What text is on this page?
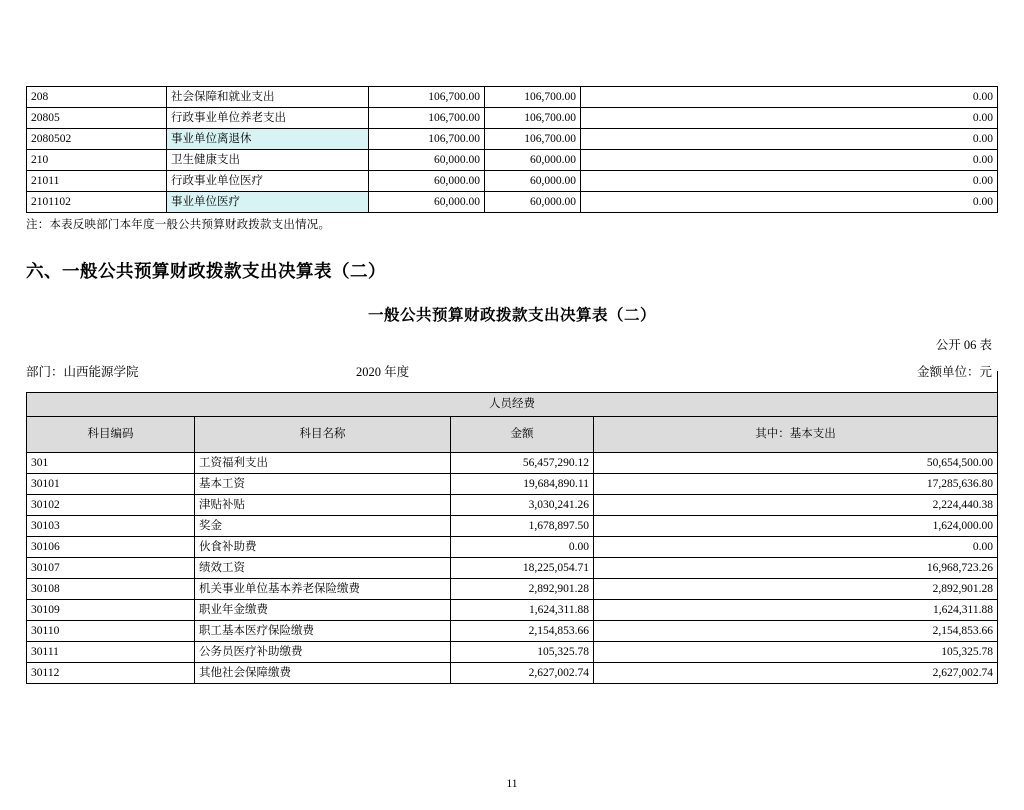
208	社会保障和就业支出	106,700.00	106,700.00	0.00
20805	行政事业单位养老支出	106,700.00	106,700.00	0.00
2080502	事业单位离退休	106,700.00	106,700.00	0.00
210	卫生健康支出	60,000.00	60,000.00	0.00
21011	行政事业单位医疗	60,000.00	60,000.00	0.00
2101102	事业单位医疗	60,000.00	60,000.00	0.00
注：本表反映部门本年度一般公共预算财政拨款支出情况。
六、一般公共预算财政拨款支出决算表（二）
一般公共预算财政拨款支出决算表（二）
公开 06 表
部门：山西能源学院	2020 年度	金额单位：元
人员经费			
科目编码	科目名称	金额	其中：基本支出
301	工资福利支出	56,457,290.12	50,654,500.00
30101	基本工资	19,684,890.11	17,285,636.80
30102	津贴补贴	3,030,241.26	2,224,440.38
30103	奖金	1,678,897.50	1,624,000.00
30106	伙食补助费	0.00	0.00
30107	绩效工资	18,225,054.71	16,968,723.26
30108	机关事业单位基本养老保险缴费	2,892,901.28	2,892,901.28
30109	职业年金缴费	1,624,311.88	1,624,311.88
30110	职工基本医疗保险缴费	2,154,853.66	2,154,853.66
30111	公务员医疗补助缴费	105,325.78	105,325.78
30112	其他社会保障缴费	2,627,002.74	2,627,002.74
11
